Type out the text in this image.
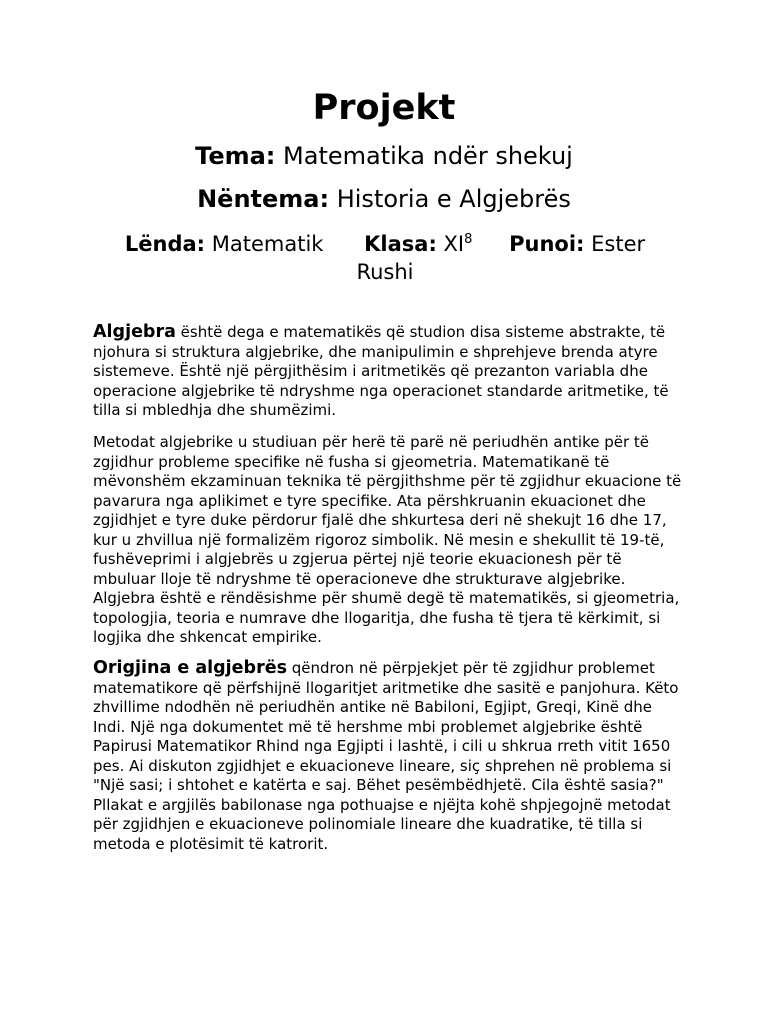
Projekt
Tema: Matematika ndër shekuj
Nëntema: Historia e Algjebrës
Lënda: Matematik Klasa: $XI^8$ Punoi: Ester Rushi

Algjebra është dega e matematikës që studion disa sisteme abstrakte, të njohura si struktura algjebrike, dhe manipulimin e shprehjeve brenda atyre sistemeve. Është një përgjithësim i aritmetikës që prezanton variabla dhe operacione algjebrike të ndryshme nga operacionet standarde aritmetike, të tilla si mbledhja dhe shumëzimi.

Metodat algjebrike u studiuan për herë të parë në periudhën antike për të zgjidhur probleme specifike në fusha si gjeometria. Matematikanë të mëvonshëm ekzaminuan teknika të përgjithshme për të zgjidhur ekuacione të pavarura nga aplikimet e tyre specifike. Ata përshkruanin ekuacionet dhe zgjidhjet e tyre duke përdorur fjalë dhe shkurtesa deri në shekujt 16 dhe 17, kur u zhvillua një formalizëm rigoroz simbolik. Në mesin e shekullit të 19-të, fushëveprimi i algjebrës u zgjerua përtej një teorie ekuacionesh për të mbuluar lloje të ndryshme të operacioneve dhe strukturave algjebrike. Algjebra është e rëndësishme për shumë degë të matematikës, si gjeometria, topologjia, teoria e numrave dhe llogaritja, dhe fusha të tjera të kërkimit, si logjika dhe shkencat empirike.

Origjina e algjebrës qëndron në përpjekjet për të zgjidhur problemet matematikore që përfshijnë llogaritjet aritmetike dhe sasitë e panjohura. Këto zhvillime ndodhën në periudhën antike në Babiloni, Egjipt, Greqi, Kinë dhe Indi. Një nga dokumentet më të hershme mbi problemet algjebrike është Papirusi Matematikor Rhind nga Egjipti i lashtë, i cili u shkrua rreth vitit 1650 pes. Ai diskuton zgjidhjet e ekuacioneve lineare, siç shprehen në problema si "Një sasi; i shtohet e katërta e saj. Bëhet pesëmbëdhjetë. Cila është sasia?" Pllakat e argjilës babilonase nga pothuajse e njëjta kohë shpjegojnë metodat për zgjidhjen e ekuacioneve polinomiale lineare dhe kuadratike, të tilla si metoda e plotësimit të katrorit.
